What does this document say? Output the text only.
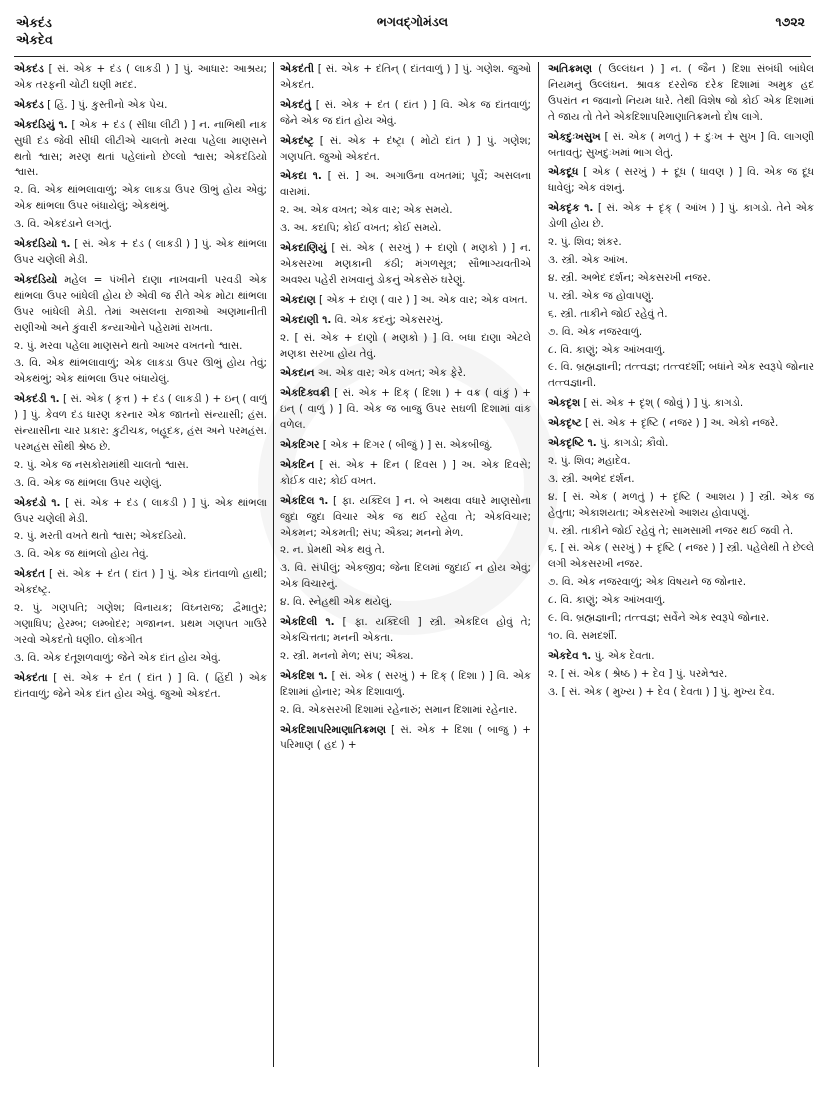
એકદંડ
એકદેવ
ભગવદ્ગોમંડલ	૧૭૨૨

એકદંડ [ સં. એક + દંડ ( લાકડી ) ] પું. આધાર: આશ્રય; એક તરફની ચોટી ઘણી મદદ.

એકદંડ [ હિં. ] પું. કુસ્તીનો એક પેચ.

એકદંડિયું ૧. [ એક + દંડ ( સીધા લીટી ) ] ન. નાભિથી નાક સુધી દંડ જેવી સીધી લીટીએ ચાલતો મરવા પહેલા માણસને થતો શ્વાસ; મરણ થતાં પહેલાંનો છેલ્લો શ્વાસ; એકદંડિયો શ્વાસ.

૨. વિ. એક થાંભલાવાળું; એક લાકડા ઉપર ઊભું હોય એવું; એક થાંભલા ઉપર બંધાયેલું; એકથંભું.

૩. વિ. એકદંડાને લગતું.

એકદંડિયો ૧. [ સં. એક + દંડ ( લાકડી ) ] પું. એક થાંભલા ઉપર ચણેલી મેડી.

એકદંડિયો મહેલ = પંખીને દાણા નાખવાની પરવડી એક થાંભલા ઉપર બાંધેલી હોય છે એવી જ રીતે એક મોટા થાંભલા ઉપર બાંધેલી મેડી. તેમાં અસલના રાજાઓ અણમાનીતી રાણીઓ અને કુંવારી કન્યાઓને પહેરામાં રાખતા.

૨. પું. મરવા પહેલા માણસને થતો આખર વખતનો શ્વાસ.

૩. વિ. એક થાંભલાવાળું; એક લાકડા ઉપર ઊભું હોય તેવું; એકથંભું; એક થાંભલા ઉપર બંધાયેલું.

એકદંડી ૧. [ સં. એક ( કૃત્ત ) + દંડ ( લાકડી ) + ઇન્ ( વાળું ) ] પું. કેવળ દંડ ધારણ કરનાર એક જાતનો સંન્યાસી; હંસ. સંન્યાસીના ચાર પ્રકાર: કુટીચક, બહૂદક, હંસ અને પરમહંસ. પરમહંસ સૌથી શ્રેષ્ઠ છે.

૨. પું. એક જ નસકોરામાંથી ચાલતો શ્વાસ.

૩. વિ. એક જ થાંભલા ઉપર ચણેલું.

એકદંડો ૧. [ સં. એક + દંડ ( લાકડી ) ] પું. એક થાંભલા ઉપર ચણેલી મેડી.

૨. પું. મરતી વખતે થતો શ્વાસ; એકદંડિયો.

૩. વિ. એક જ થાંભલો હોય તેવું.

એકદંત [ સં. એક + દંત ( દાંત ) ] પું. એક દાંતવાળો હાથી; એકદંષ્ટ્ર.

૨. પું. ગણપતિ; ગણેશ; વિનાયક; વિઘ્નરાજ; દ્વૈમાતુર; ગણાધિપ; હેરમ્બ; લમ્બોદર; ગજાનન. પ્રથમ ગણપત ગાઉરે ગરવો એકદંતો ધણી૦. લોકગીત

૩. વિ. એક દંતૂશળવાળું; જેને એક દાંત હોય એવું.

એકદંતા [ સં. એક + દંત ( દાંત ) ] વિ. ( હિંદી ) એક દાંતવાળું; જેને એક દાંત હોય એવું. જુઓ એકદંત.

એકદંતી [ સં. એક + દંતિન્ ( દાંતવાળું ) ] પું. ગણેશ. જુઓ એકદંત.

એકદંતું [ સં. એક + દંત ( દાંત ) ] વિ. એક જ દાંતવાળું; જેને એક જ દાંત હોય એવું.

એકદંષ્ટ્ર [ સં. એક + દંષ્ટ્રા ( મોટો દાંત ) ] પું. ગણેશ; ગણપતિ. જુઓ એકદંત.

એકદા ૧. [ સં. ] અ. અગાઉના વખતમાં; પૂર્વે; અસલના વારામાં.

૨. અ. એક વખત; એક વાર; એક સમયે.

૩. અ. કદાપિ; કોઈ વખત; કોઈ સમયે.

એકદાણિયું [ સં. એક ( સરખું ) + દાણો ( મણકો ) ] ન. એકસરખા મણકાની કંઠી; મંગળસૂત્ર; સૌભાગ્યવતીએ અવશ્ય પહેરી રાખવાનું ડોકનું એકસેરું ઘરેણું.

એકદાણ [ એક + દાણ ( વાર ) ] અ. એક વાર; એક વખત.

એકદાણી ૧. વિ. એક કદનું; એકસરખું.

૨. [ સં. એક + દાણો ( મણકો ) ] વિ. બધા દાણા એટલે મણકા સરખા હોય તેવું.

એકદાન અ. એક વાર; એક વખત; એક ફેરે.

એકદિક્વક્રી [ સં. એક + દિક્ ( દિશા ) + વક્ર ( વાંકું ) + ઇન્ ( વાળું ) ] વિ. એક જ બાજુ ઉપર સઘળી દિશામાં વાંક વળેલ.

એકદિગર [ એક + દિગર ( બીજું ) ] સ. એકબીજું.

એકદિન [ સં. એક + દિન ( દિવસ ) ] અ. એક દિવસે; કોઈક વાર; કોઈ વખત.

એકદિલ ૧. [ ફા. યક્દિલ ] ન. બે અથવા વધારે માણસોના જુદા જુદા વિચાર એક જ થઈ રહેવા તે; એકવિચાર; એકમન; એકમતી; સંપ; ઐક્ય; મનનો મેળ.

૨. ન. પ્રેમથી એક થવું તે.

૩. વિ. સંપીલું; એકજીવ; જેના દિલમાં જુદાઈ ન હોય એવું; એક વિચારનું.

૪. વિ. સ્નેહથી એક થયેલું.

એકદિલી ૧. [ ફા. યક્દિલી ] સ્ત્રી. એકદિલ હોવું તે; એકચિત્તતા; મનની એકતા.

૨. સ્ત્રી. મનનો મેળ; સંપ; ઐક્ય.

એકદિશ ૧. [ સં. એક ( સરખું ) + દિક્ ( દિશા ) ] વિ. એક દિશામાં હોનાર; એક દિશાવાળું.

૨. વિ. એકસરખી દિશામાં રહેનારું; સમાન દિશામાં રહેનાર.

એકદિશાપરિમાણાતિક્રમણ [ સં. એક + દિશા ( બાજુ ) + પરિમાણ ( હદ ) +

અતિક્રમણ ( ઉલ્લંઘન ) ] ન. ( જૈન ) દિશા સંબંધી બાંધેલ નિયમનું ઉલ્લંઘન. શ્રાવક દરરોજ દરેક દિશામાં અમુક હદ ઉપરાંત ન જવાનો નિયમ ધારે. તેથી વિશેષ જો કોઈ એક દિશામાં તે જાય તો તેને એકદિશાપરિમાણાતિક્રમનો દોષ લાગે.

એકદુઃખસુખ [ સં. એક ( મળતું ) + દુઃખ + સુખ ] વિ. લાગણી બતાવતું; સુખદુઃખમાં ભાગ લેતું.

એકદૂધ [ એક ( સરખું ) + દૂધ ( ધાવણ ) ] વિ. એક જ દૂધ ધાવેલું; એક વંશનું.

એકદૃક ૧. [ સં. એક + દૃક્ ( આંખ ) ] પું. કાગડો. તેને એક ડોળી હોય છે.

૨. પું. શિવ; શંકર.

૩. સ્ત્રી. એક આંખ.

૪. સ્ત્રી. અભેદ દર્શન; એકસરખી નજર.

૫. સ્ત્રી. એક જ હોવાપણું.

૬. સ્ત્રી. તાકીને જોઈ રહેવું તે.

૭. વિ. એક નજરવાળું.

૮. વિ. કાણું; એક આંખવાળું.

૯. વિ. બ્રહ્મજ્ઞાની; તત્ત્વજ્ઞ; તત્ત્વદર્શી; બધાંને એક સ્વરૂપે જોનાર તત્ત્વજ્ઞાની.

એકદૃશ [ સં. એક + દૃશ્ ( જોવું ) ] પું. કાગડો.

એકદૃષ્ટ [ સં. એક + દૃષ્ટિ ( નજર ) ] અ. એકો નજરે.

એકદૃષ્ટિ ૧. પું. કાગડો; કૌવો.

૨. પું. શિવ; મહાદેવ.

૩. સ્ત્રી. અભેદ દર્શન.

૪. [ સં. એક ( મળતું ) + દૃષ્ટિ ( આશય ) ] સ્ત્રી. એક જ હેતુતા; એકાશયતા; એકસરખો આશય હોવાપણું.

૫. સ્ત્રી. તાકીને જોઈ રહેવું તે; સામસામી નજર થઈ જવી તે.

૬. [ સં. એક ( સરખું ) + દૃષ્ટિ ( નજર ) ] સ્ત્રી. પહેલેથી તે છેલ્લે લગી એકસરખી નજર.

૭. વિ. એક નજરવાળું; એક વિષયને જ જોનાર.

૮. વિ. કાણું; એક આંખવાળું.

૯. વિ. બ્રહ્મજ્ઞાની; તત્ત્વજ્ઞ; સર્વેને એક સ્વરૂપે જોનાર.

૧૦. વિ. સમદર્શી.

એકદેવ ૧. પું. એક દેવતા.

૨. [ સં. એક ( શ્રેષ્ઠ ) + દેવ ] પું. પરમેશ્વર.

૩. [ સં. એક ( મુખ્ય ) + દેવ ( દેવતા ) ] પું. મુખ્ય દેવ.
